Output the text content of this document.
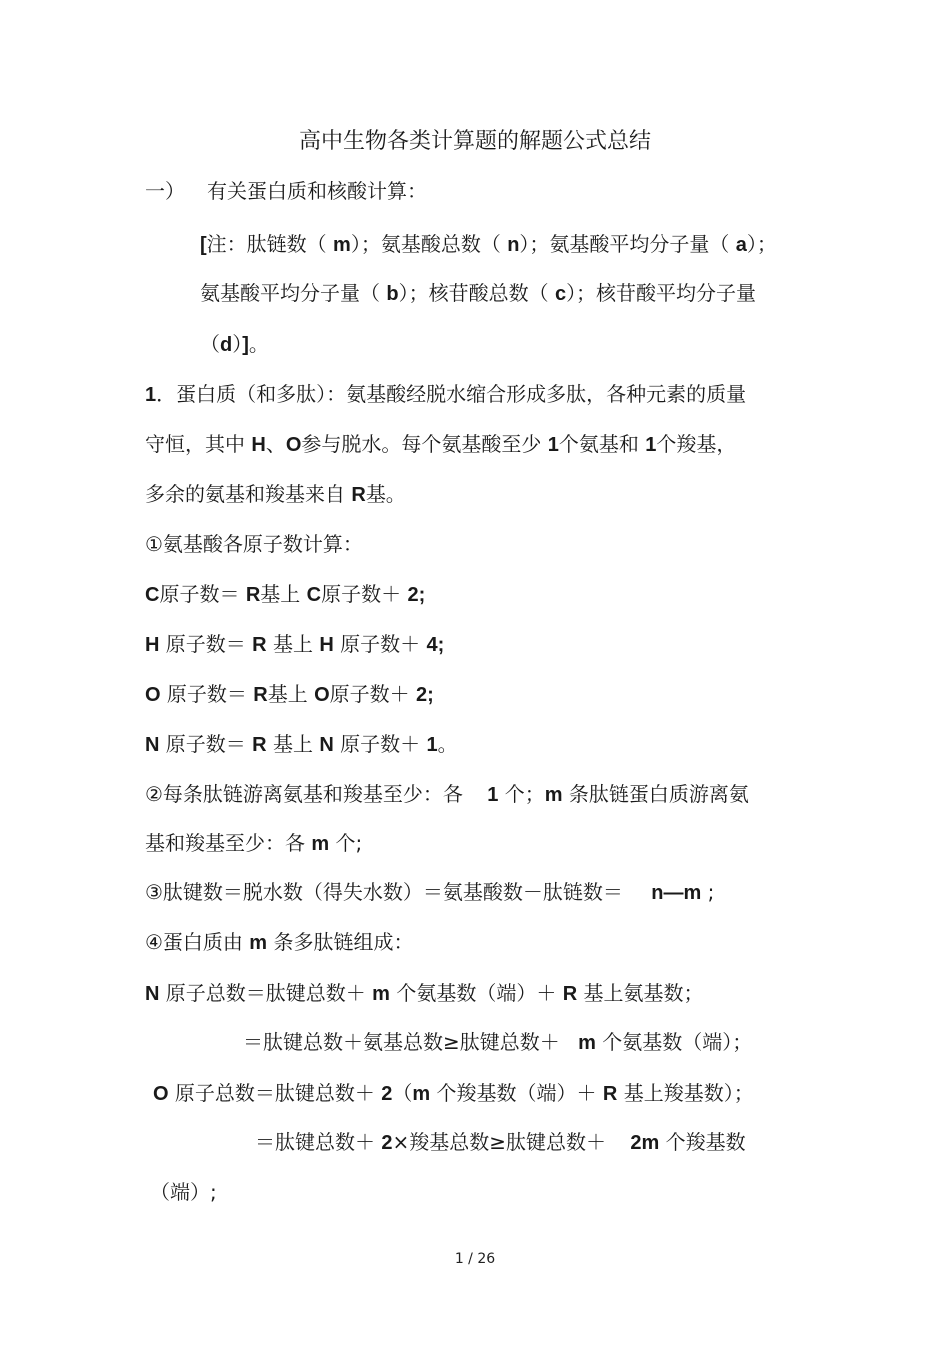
高中生物各类计算题的解题公式总结
一） 有关蛋白质和核酸计算：
[注：肽链数（ m）；氨基酸总数（ n）；氨基酸平均分子量（ a）；
氨基酸平均分子量（ b）；核苷酸总数（ c）；核苷酸平均分子量
（d）]。
1．蛋白质（和多肽）：氨基酸经脱水缩合形成多肽，各种元素的质量
守恒，其中 H、O参与脱水。每个氨基酸至少 1个氨基和 1个羧基，
多余的氨基和羧基来自 R基。
①氨基酸各原子数计算：
C原子数＝ R基上 C原子数＋ 2;
H 原子数＝ R 基上 H 原子数＋ 4;
O 原子数＝ R基上 O原子数＋ 2;
N 原子数＝ R 基上 N 原子数＋ 1。
②每条肽链游离氨基和羧基至少：各 1 个；m 条肽链蛋白质游离氨
基和羧基至少：各 m 个;
③肽键数＝脱水数（得失水数）＝氨基酸数－肽链数＝ n—m ;
④蛋白质由 m 条多肽链组成：
N 原子总数＝肽键总数＋ m 个氨基数（端）＋ R 基上氨基数；
＝肽键总数＋氨基总数≥肽键总数＋ m 个氨基数（端）；
O 原子总数＝肽键总数＋ 2（m 个羧基数（端）＋ R 基上羧基数）；
＝肽键总数＋ 2×羧基总数≥肽键总数＋ 2m 个羧基数
（端）;
1 / 26
